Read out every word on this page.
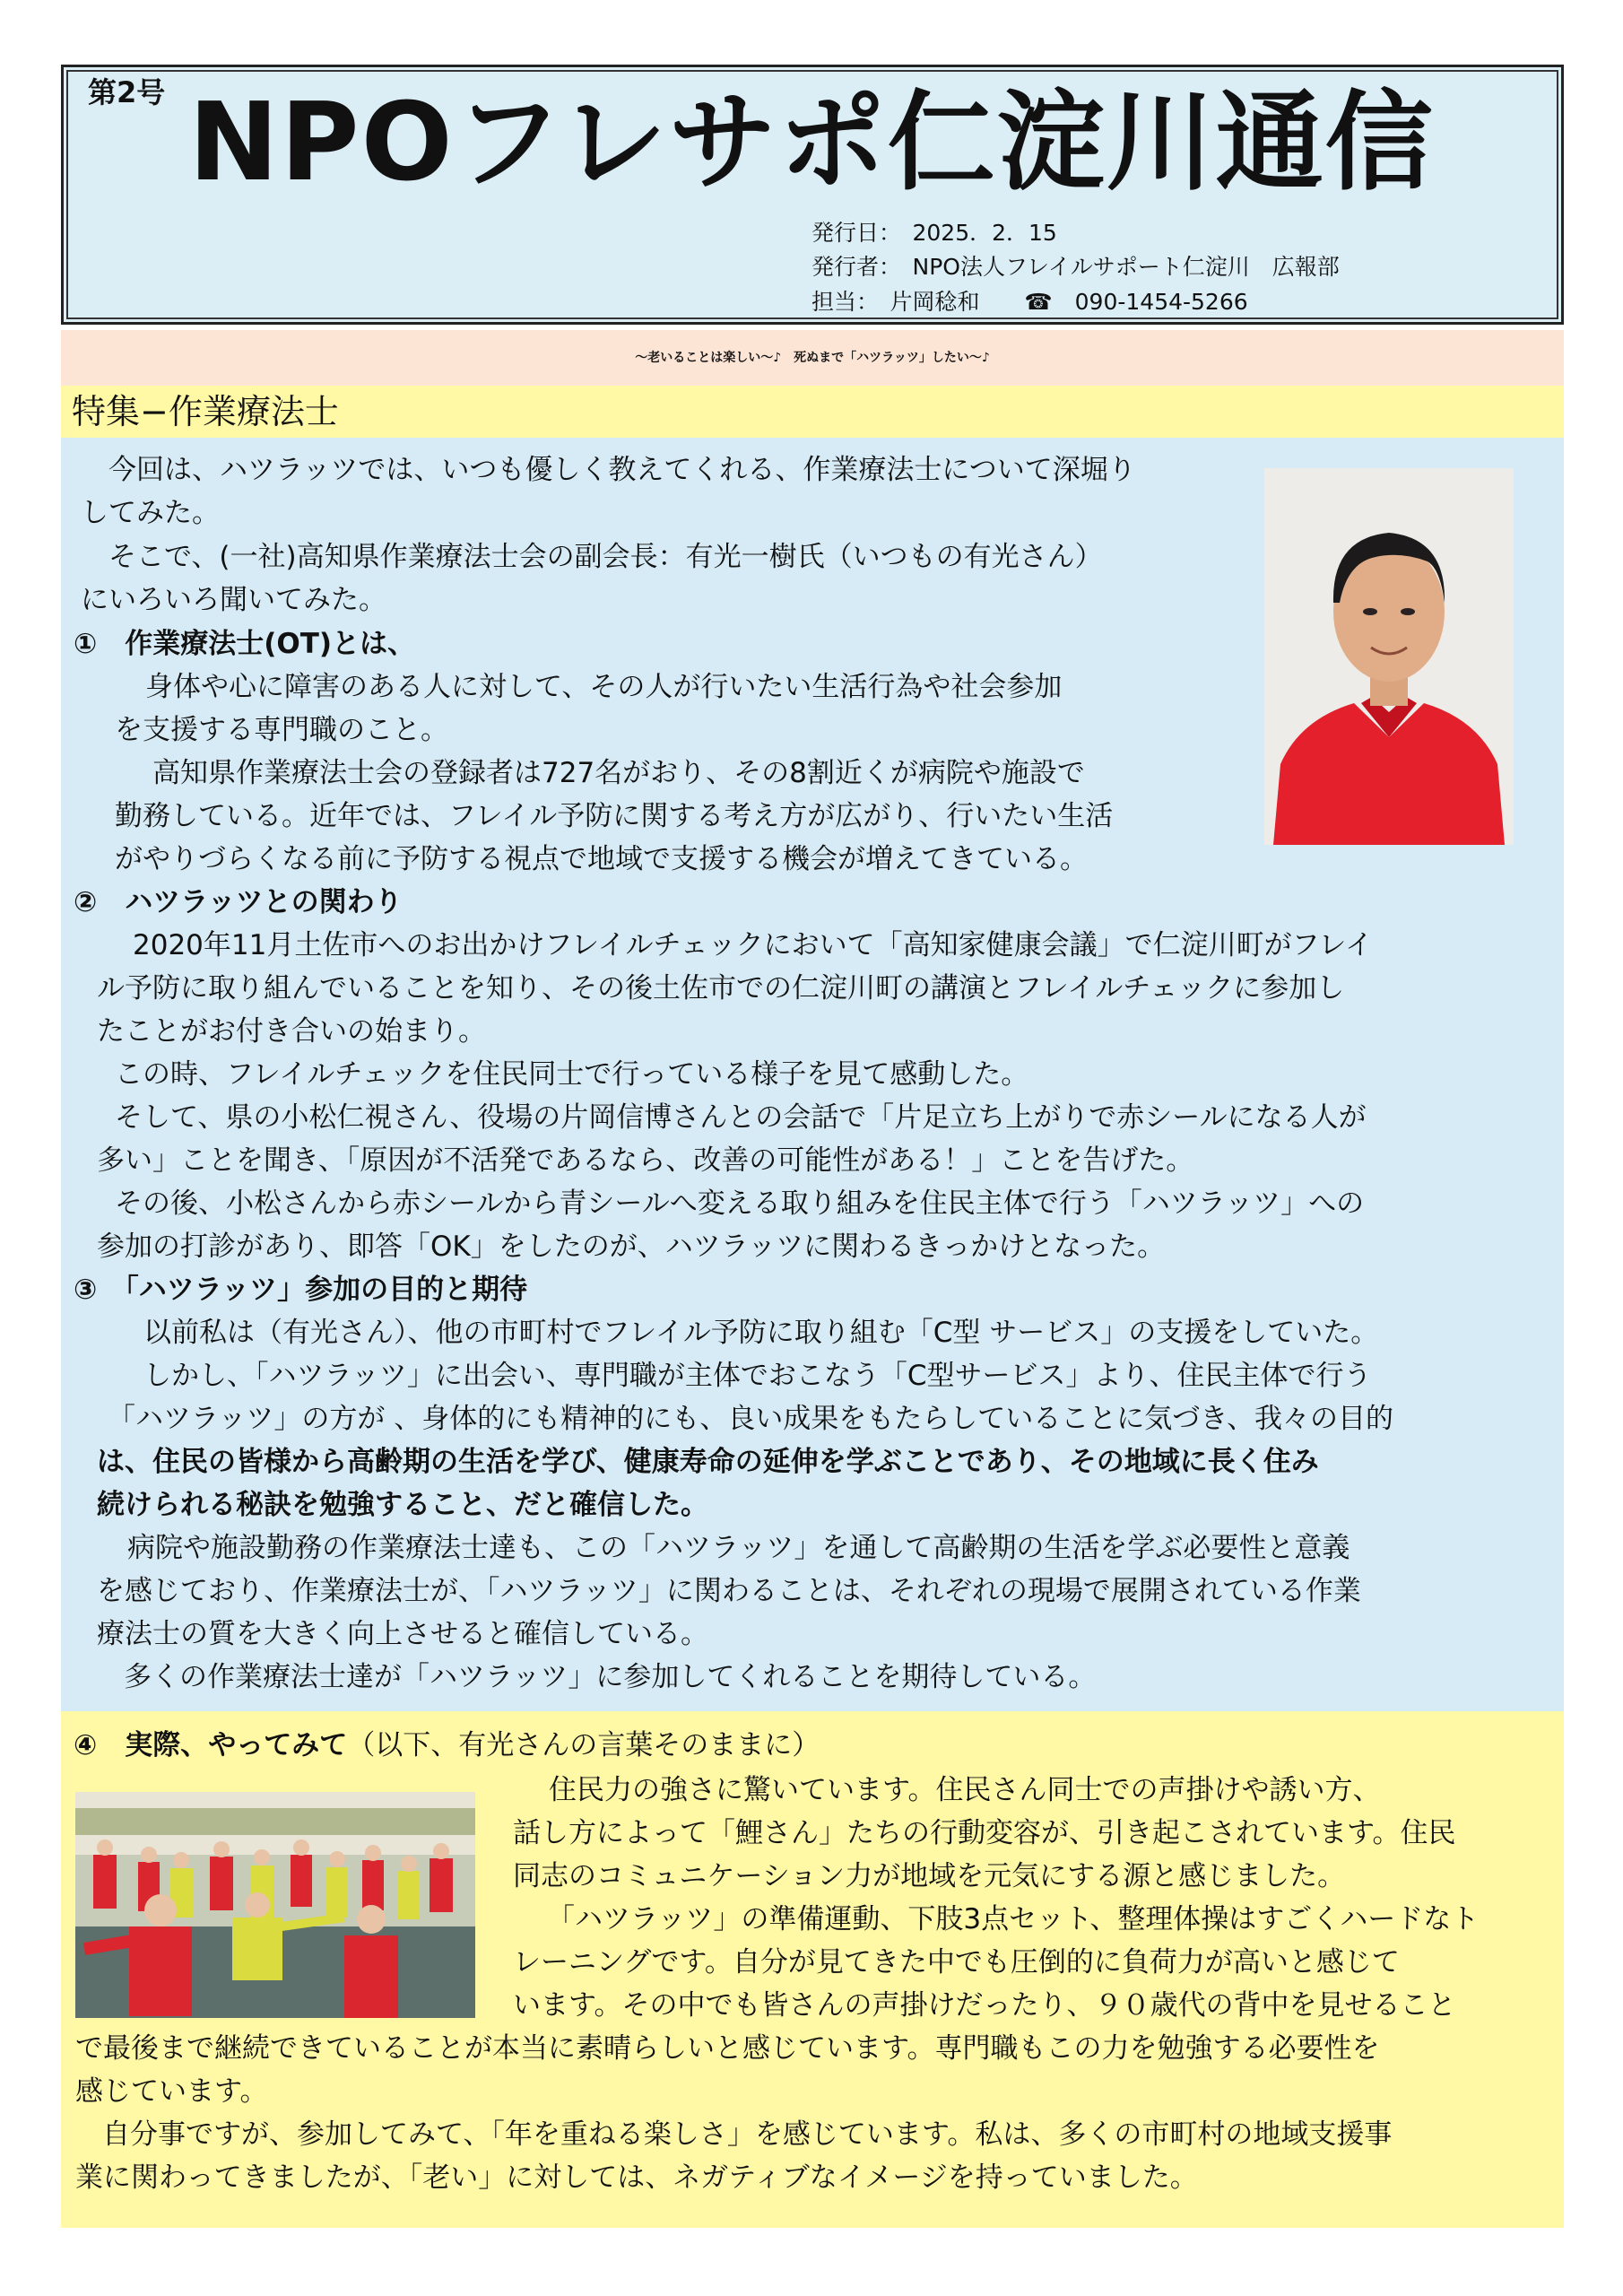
第2号 NPOフレサポ仁淀川通信
発行日：　2025．2．15
発行者：　NPO法人フレイルサポート仁淀川　広報部
担当：　片岡稔和　　☎　090-1454-5266
～老いることは楽しい～♪　死ぬまで「ハツラッツ」したい～♪
特集−作業療法士
　今回は、ハツラッツでは、いつも優しく教えてくれる、作業療法士について深堀り
してみた。
　そこで、(一社)高知県作業療法士会の副会長：有光一樹氏（いつもの有光さん）
にいろいろ聞いてみた。
①　作業療法士(OT)とは、
身体や心に障害のある人に対して、その人が行いたい生活行為や社会参加
を支援する専門職のこと。
高知県作業療法士会の登録者は727名がおり、その8割近くが病院や施設で
勤務している。近年では、フレイル予防に関する考え方が広がり、行いたい生活
がやりづらくなる前に予防する視点で地域で支援する機会が増えてきている。
②　ハツラッツとの関わり
2020年11月土佐市へのお出かけフレイルチェックにおいて「高知家健康会議」で仁淀川町がフレイ
ル予防に取り組んでいることを知り、その後土佐市での仁淀川町の講演とフレイルチェックに参加し
たことがお付き合いの始まり。
この時、フレイルチェックを住民同士で行っている様子を見て感動した。
そして、県の小松仁視さん、役場の片岡信博さんとの会話で「片足立ち上がりで赤シールになる人が
多い」ことを聞き、「原因が不活発であるなら、改善の可能性がある！」ことを告げた。
その後、小松さんから赤シールから青シールへ変える取り組みを住民主体で行う「ハツラッツ」への
参加の打診があり、即答「OK」をしたのが、ハツラッツに関わるきっかけとなった。
③　「ハツラッツ」参加の目的と期待
以前私は（有光さん）、他の市町村でフレイル予防に取り組む「C型 サービス」の支援をしていた。
しかし、「ハツラッツ」に出会い、専門職が主体でおこなう「C型サービス」より、住民主体で行う
「ハツラッツ」の方が 、身体的にも精神的にも、良い成果をもたらしていることに気づき、我々の目的
は、住民の皆様から高齢期の生活を学び、健康寿命の延伸を学ぶことであり、その地域に長く住み
続けられる秘訣を勉強すること、だと確信した。
病院や施設勤務の作業療法士達も、この「ハツラッツ」を通して高齢期の生活を学ぶ必要性と意義
を感じており、作業療法士が、「ハツラッツ」に関わることは、それぞれの現場で展開されている作業
療法士の質を大きく向上させると確信している。
多くの作業療法士達が「ハツラッツ」に参加してくれることを期待している。
④　実際、やってみて（以下、有光さんの言葉そのままに）
住民力の強さに驚いています。住民さん同士での声掛けや誘い方、
話し方によって「鯉さん」たちの行動変容が、引き起こされています。住民
同志のコミュニケーション力が地域を元気にする源と感じました。
「ハツラッツ」の準備運動、下肢3点セット、整理体操はすごくハードなト
レーニングです。自分が見てきた中でも圧倒的に負荷力が高いと感じて
います。その中でも皆さんの声掛けだったり、９０歳代の背中を見せること
で最後まで継続できていることが本当に素晴らしいと感じています。専門職もこの力を勉強する必要性を
感じています。
自分事ですが、参加してみて、「年を重ねる楽しさ」を感じています。私は、多くの市町村の地域支援事
業に関わってきましたが、「老い」に対しては、ネガティブなイメージを持っていました。
